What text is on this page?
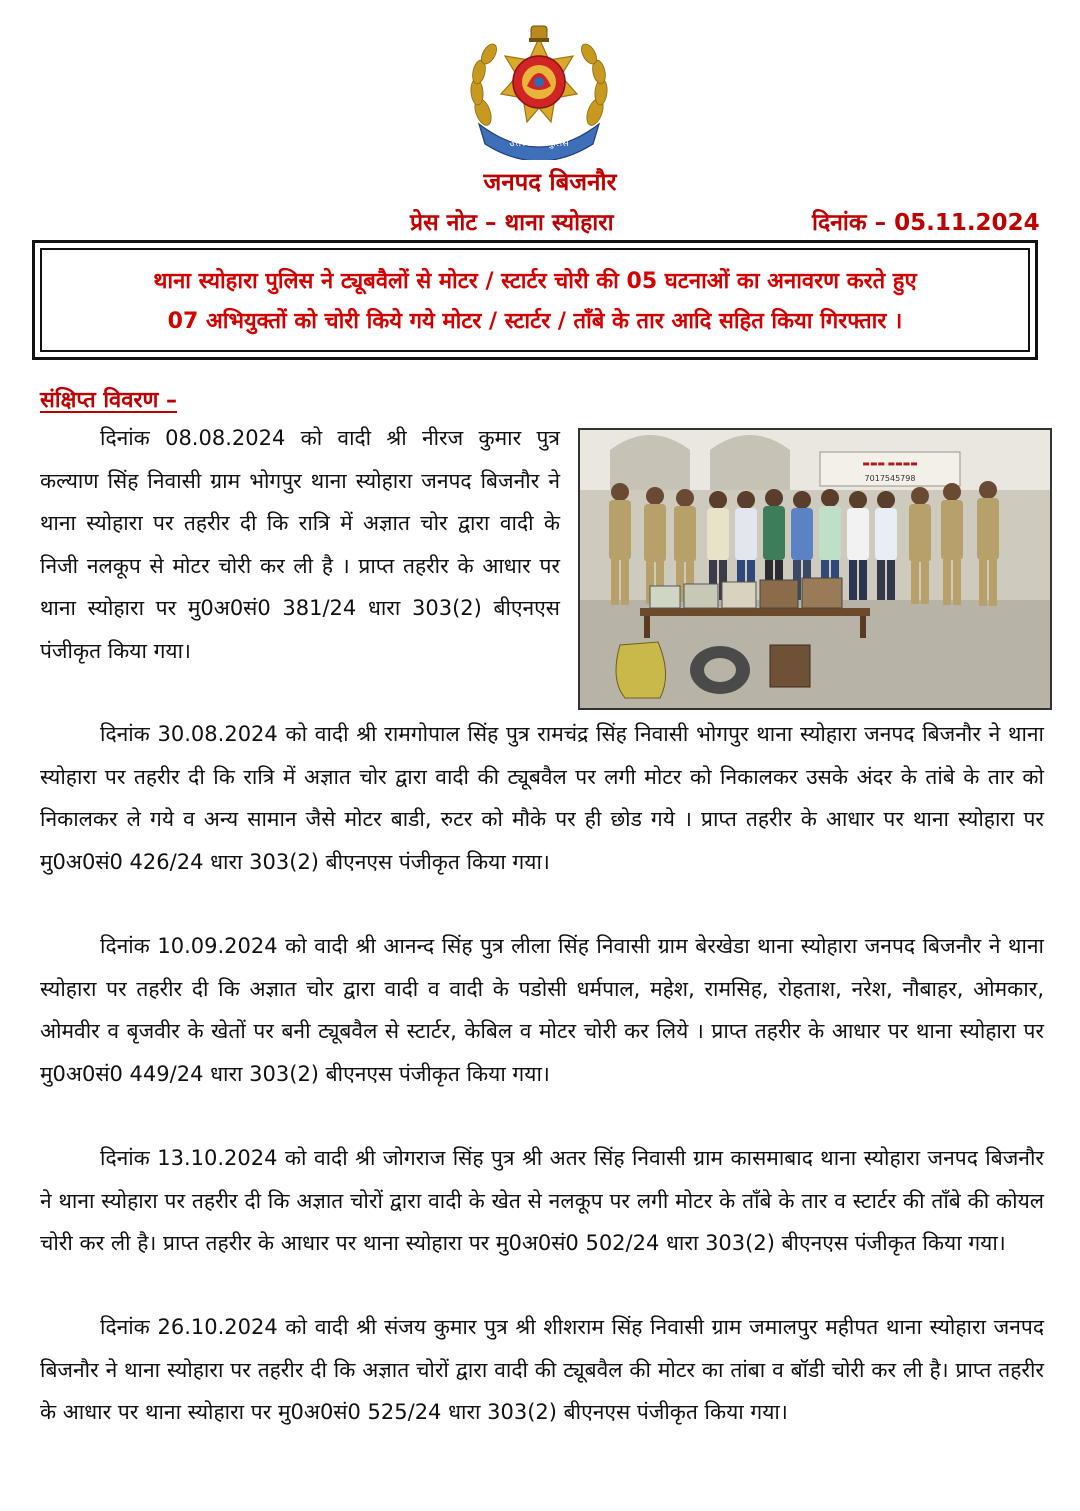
उत्तर प्रदेश पुलिस
जनपद बिजनौर
प्रेस नोट – थाना स्योहारा	दिनांक – 05.11.2024
थाना स्योहारा पुलिस ने ट्यूबवैलों से मोटर / स्टार्टर चोरी की 05 घटनाओं का अनावरण करते हुए
07 अभियुक्तों को चोरी किये गये मोटर / स्टार्टर / ताँबे के तार आदि सहित किया गिरफ्तार ।
संक्षिप्त विवरण –
▬▬▬ ▬▬▬▬
7017545798
दिनांक 08.08.2024 को वादी श्री नीरज कुमार पुत्र कल्याण सिंह निवासी ग्राम भोगपुर थाना स्योहारा जनपद बिजनौर ने थाना स्योहारा पर तहरीर दी कि रात्रि में अज्ञात चोर द्वारा वादी के निजी नलकूप से मोटर चोरी कर ली है । प्राप्त तहरीर के आधार पर थाना स्योहारा पर मु0अ0सं0 381/24 धारा 303(2) बीएनएस पंजीकृत किया गया।
दिनांक 30.08.2024 को वादी श्री रामगोपाल सिंह पुत्र रामचंद्र सिंह निवासी भोगपुर थाना स्योहारा जनपद बिजनौर ने थाना स्योहारा पर तहरीर दी कि रात्रि में अज्ञात चोर द्वारा वादी की ट्यूबवैल पर लगी मोटर को निकालकर उसके अंदर के तांबे के तार को निकालकर ले गये व अन्य सामान जैसे मोटर बाडी, रुटर को मौके पर ही छोड गये । प्राप्त तहरीर के आधार पर थाना स्योहारा पर मु0अ0सं0 426/24 धारा 303(2) बीएनएस पंजीकृत किया गया।
दिनांक 10.09.2024 को वादी श्री आनन्द सिंह पुत्र लीला सिंह निवासी ग्राम बेरखेडा थाना स्योहारा जनपद बिजनौर ने थाना स्योहारा पर तहरीर दी कि अज्ञात चोर द्वारा वादी व वादी के पडोसी धर्मपाल, महेश, रामसिह, रोहताश, नरेश, नौबाहर, ओमकार, ओमवीर व बृजवीर के खेतों पर बनी ट्यूबवैल से स्टार्टर, केबिल व मोटर चोरी कर लिये । प्राप्त तहरीर के आधार पर थाना स्योहारा पर मु0अ0सं0 449/24 धारा 303(2) बीएनएस पंजीकृत किया गया।
दिनांक 13.10.2024 को वादी श्री जोगराज सिंह पुत्र श्री अतर सिंह निवासी ग्राम कासमाबाद थाना स्योहारा जनपद बिजनौर ने थाना स्योहारा पर तहरीर दी कि अज्ञात चोरों द्वारा वादी के खेत से नलकूप पर लगी मोटर के ताँबे के तार व स्टार्टर की ताँबे की कोयल चोरी कर ली है। प्राप्त तहरीर के आधार पर थाना स्योहारा पर मु0अ0सं0 502/24 धारा 303(2) बीएनएस पंजीकृत किया गया।
दिनांक 26.10.2024 को वादी श्री संजय कुमार पुत्र श्री शीशराम सिंह निवासी ग्राम जमालपुर महीपत थाना स्योहारा जनपद बिजनौर ने थाना स्योहारा पर तहरीर दी कि अज्ञात चोरों द्वारा वादी की ट्यूबवैल की मोटर का तांबा व बॉडी चोरी कर ली है। प्राप्त तहरीर के आधार पर थाना स्योहारा पर मु0अ0सं0 525/24 धारा 303(2) बीएनएस पंजीकृत किया गया।
